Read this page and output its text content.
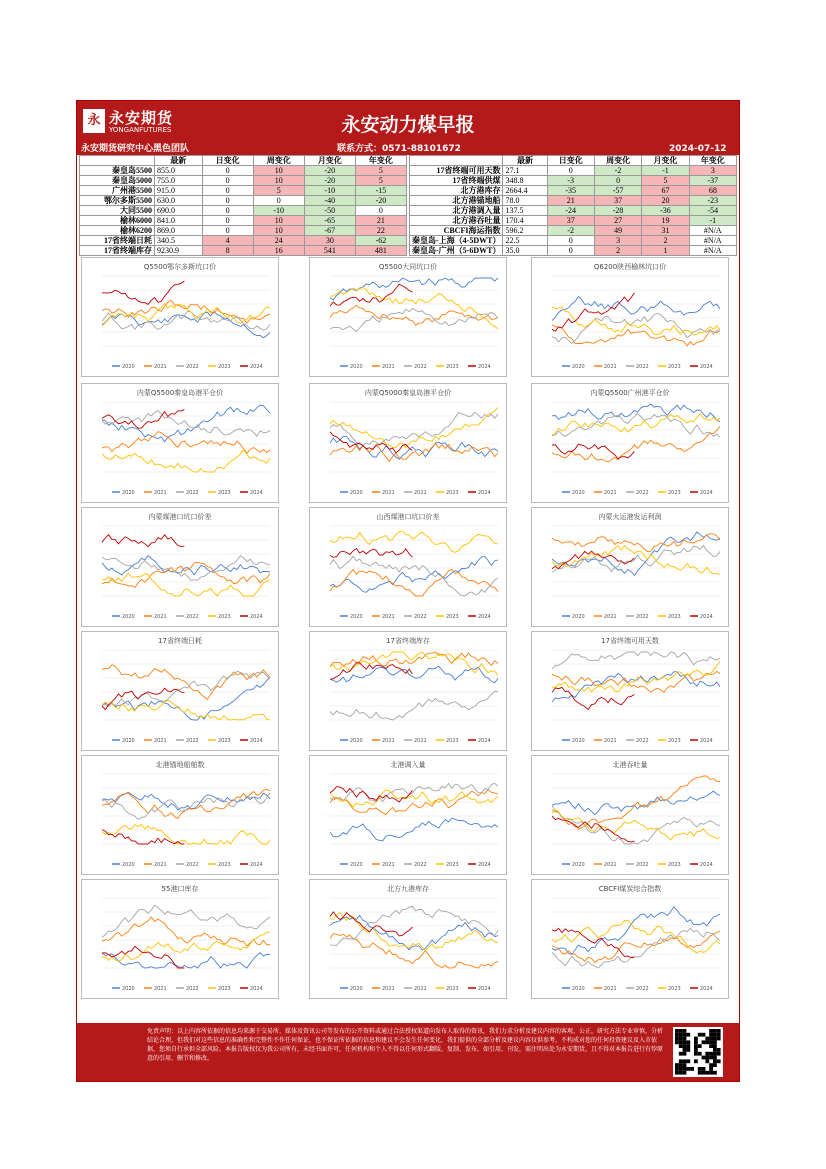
永 永安期货
YONGANFUTURES	永安动力煤早报
永安期货研究中心黑色团队	联系方式：0571-88101672	2024-07-12
	最新	日变化	周变化	月变化	年变化
秦皇岛5500	855.0	0	10	-20	5
秦皇岛5000	755.0	0	10	-20	5
广州港5500	915.0	0	5	-10	-15
鄂尔多斯5500	630.0	0	0	-40	-20
大同5500	690.0	0	-10	-50	0
榆林6000	841.0	0	10	-65	21
榆林6200	869.0	0	10	-67	22
17省终端日耗	340.5	4	24	30	-62
17省终端库存	9230.9	8	16	541	481
	最新	日变化	周变化	月变化	年变化
17省终端可用天数	27.1	0	-2	-1	3
17省终端供煤	348.8	-3	0	5	-37
北方港库存	2664.4	-35	-57	67	68
北方港锚地船	78.0	21	37	20	-23
北方港调入量	137.5	-24	-28	-36	-54
北方港吞吐量	170.4	37	27	19	-1
CBCFI海运指数	596.2	-2	49	31	#N/A
秦皇岛-上海（4-5DWT）	22.5	0	3	2	#N/A
秦皇岛-广州（5-6DWT）	35.0	0	2	1	#N/A
Q5500鄂尔多斯坑口价
2020	2021	2022	2023	2024
Q5500大同坑口价
2020	2021	2022	2023	2024
Q6200陕西榆林坑口价
2020	2021	2022	2023	2024
内蒙Q5500秦皇岛港平仓价
2020	2021	2022	2023	2024
内蒙Q5000秦皇岛港平仓价
2020	2021	2022	2023	2024
内蒙Q5500广州港平仓价
2020	2021	2022	2023	2024
内蒙煤港口坑口价差
2020	2021	2022	2023	2024
山西煤港口坑口价差
2020	2021	2022	2023	2024
内蒙火运港发运利润
2020	2021	2022	2023	2024
17省终端日耗
2020	2021	2022	2023	2024
17省终端库存
2020	2021	2022	2023	2024
17省终端可用天数
2020	2021	2022	2023	2024
北港锚地船舶数
2020	2021	2022	2023	2024
北港调入量
2020	2021	2022	2023	2024
北港吞吐量
2020	2021	2022	2023	2024
55港口库存
2020	2021	2022	2023	2024
北方九港库存
2020	2021	2022	2023	2024
CBCFI煤炭综合指数
2020	2021	2022	2023	2024
免责声明：以上内容所依据的信息均来源于交易所、媒体及资讯公司等发布的公开资料或通过合法授权渠道向发布人取得的资讯，我们力求分析及建议内容的客观、公正，研究方法专业审慎，分析结论合理，但我们对这些信息的准确性和完整性不作任何保证，也不保证所依据的信息和建议不会发生任何变化，我们提供的全部分析及建议内容仅供参考，不构成对您的任何投资建议及入市依据，您须自行承担全部风险。本报告版权仅为我公司所有，未经书面许可，任何机构和个人不得以任何形式翻版、复制、发布，如引用、刊发，需注明出处为永安期货，且不得对本报告进行有悖原意的引用、删节和修改。
